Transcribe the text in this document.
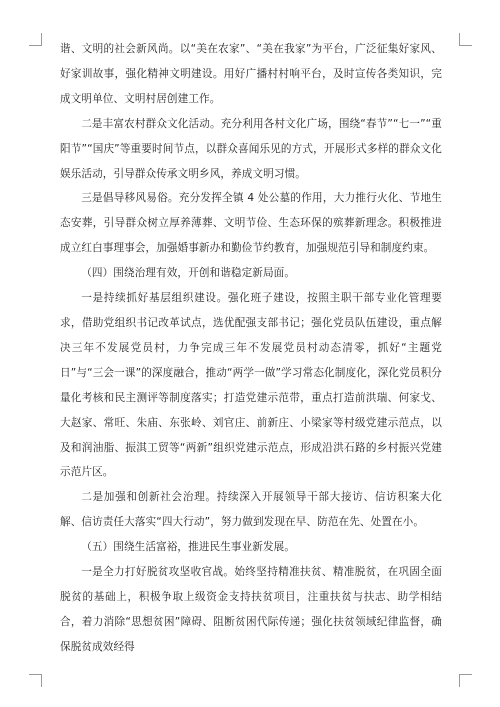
谐、文明的社会新风尚。以“美在农家”、“美在我家”为平台，广泛征集好家风、好家训故事，强化精神文明建设。用好广播村村响平台，及时宣传各类知识，完成文明单位、文明村居创建工作。

二是丰富农村群众文化活动。充分利用各村文化广场，围绕“春节”“七一”“重阳节”“国庆”等重要时间节点，以群众喜闻乐见的方式，开展形式多样的群众文化娱乐活动，引导群众传承文明乡风，养成文明习惯。

三是倡导移风易俗。充分发挥全镇 4 处公墓的作用，大力推行火化、节地生态安葬，引导群众树立厚养薄葬、文明节俭、生态环保的殡葬新理念。积极推进成立红白事理事会，加强婚事新办和勤俭节约教育，加强规范引导和制度约束。

（四）围绕治理有效，开创和谐稳定新局面。

一是持续抓好基层组织建设。强化班子建设，按照主职干部专业化管理要求，借助党组织书记改革试点，选优配强支部书记；强化党员队伍建设，重点解决三年不发展党员村，力争完成三年不发展党员村动态清零，抓好“主题党日”与“三会一课”的深度融合，推动“两学一做”学习常态化制度化，深化党员积分量化考核和民主测评等制度落实；打造党建示范带，重点打造前洪瑞、何家戈、大赵家、常旺、朱庙、东张岭、刘官庄、前新庄、小梁家等村级党建示范点，以及和润油脂、振淇工贸等“两新”组织党建示范点，形成沿洪石路的乡村振兴党建示范片区。

二是加强和创新社会治理。持续深入开展领导干部大接访、信访积案大化解、信访责任大落实“四大行动”，努力做到发现在早、防范在先、处置在小。

（五）围绕生活富裕，推进民生事业新发展。

一是全力打好脱贫攻坚收官战。始终坚持精准扶贫、精准脱贫，在巩固全面脱贫的基础上，积极争取上级资金支持扶贫项目，注重扶贫与扶志、助学相结合，着力消除“思想贫困”障碍、阻断贫困代际传递；强化扶贫领域纪律监督，确保脱贫成效经得
